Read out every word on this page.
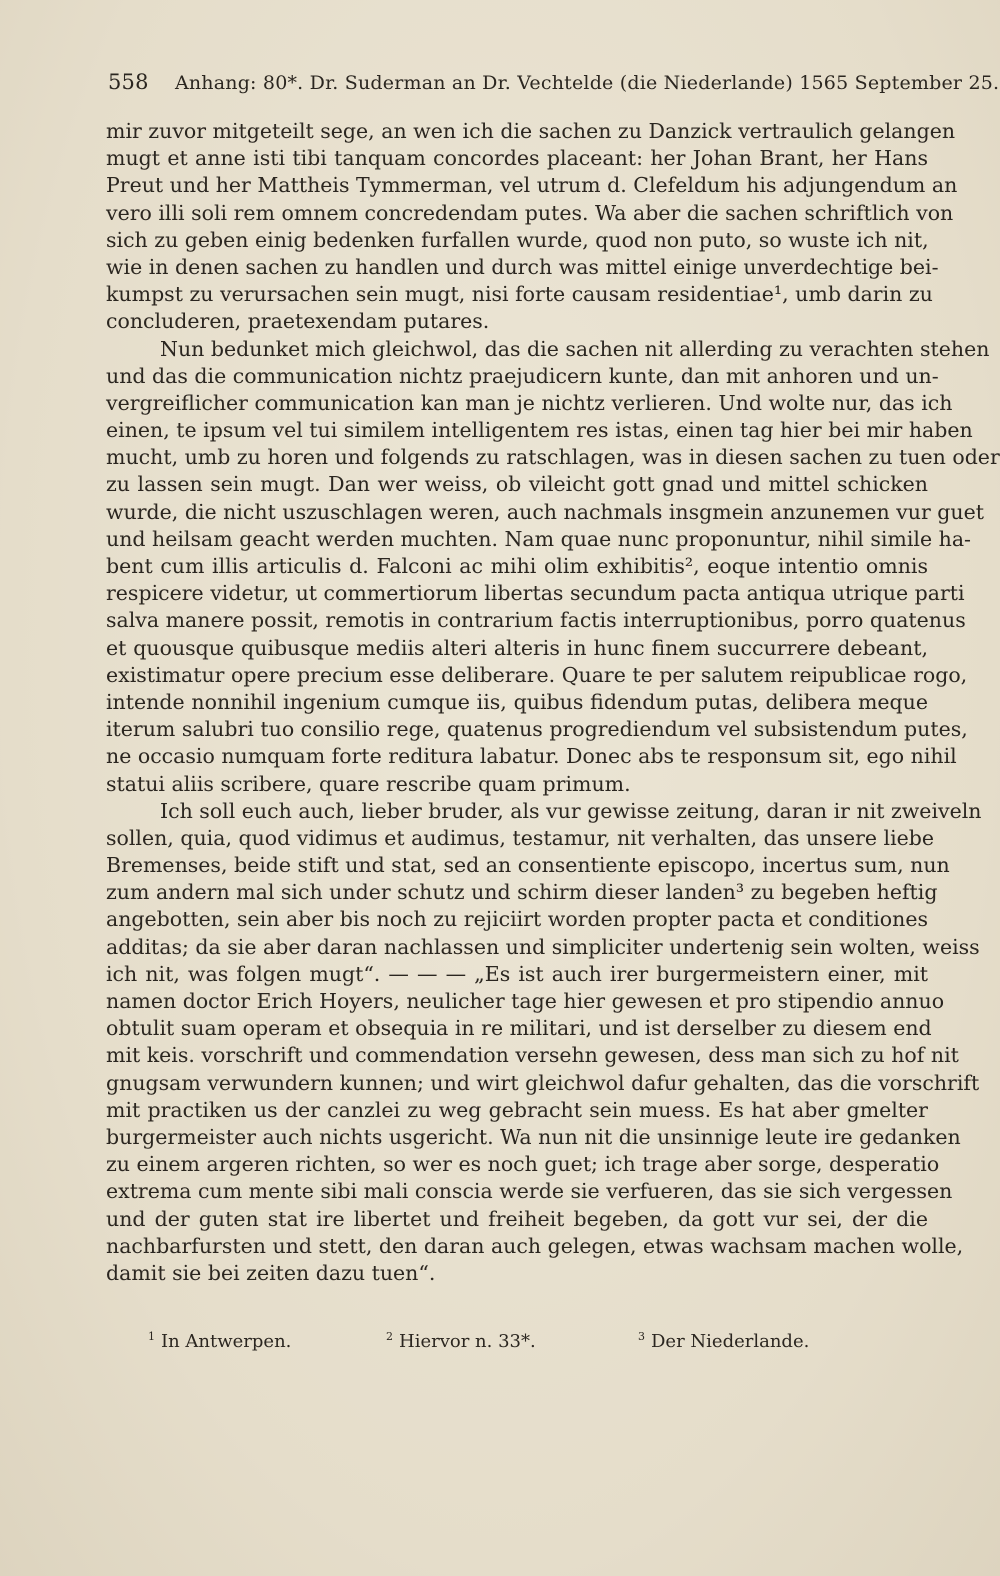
558 Anhang: 80*. Dr. Suderman an Dr. Vechtelde (die Niederlande) 1565 September 25.
mir zuvor mitgeteilt sege, an wen ich die sachen zu Danzick vertraulich gelangen
mugt et anne isti tibi tanquam concordes placeant: her Johan Brant, her Hans
Preut und her Mattheis Tymmerman, vel utrum d. Clefeldum his adjungendum an
vero illi soli rem omnem concredendam putes. Wa aber die sachen schriftlich von
sich zu geben einig bedenken furfallen wurde, quod non puto, so wuste ich nit,
wie in denen sachen zu handlen und durch was mittel einige unverdechtige bei-
kumpst zu verursachen sein mugt, nisi forte causam residentiae¹, umb darin zu
concluderen, praetexendam putares.
Nun bedunket mich gleichwol, das die sachen nit allerding zu verachten stehen
und das die communication nichtz praejudicern kunte, dan mit anhoren und un-
vergreiflicher communication kan man je nichtz verlieren. Und wolte nur, das ich
einen, te ipsum vel tui similem intelligentem res istas, einen tag hier bei mir haben
mucht, umb zu horen und folgends zu ratschlagen, was in diesen sachen zu tuen oder
zu lassen sein mugt. Dan wer weiss, ob vileicht gott gnad und mittel schicken
wurde, die nicht uszuschlagen weren, auch nachmals insgmein anzunemen vur guet
und heilsam geacht werden muchten. Nam quae nunc proponuntur, nihil simile ha-
bent cum illis articulis d. Falconi ac mihi olim exhibitis², eoque intentio omnis
respicere videtur, ut commertiorum libertas secundum pacta antiqua utrique parti
salva manere possit, remotis in contrarium factis interruptionibus, porro quatenus
et quousque quibusque mediis alteri alteris in hunc finem succurrere debeant,
existimatur opere precium esse deliberare. Quare te per salutem reipublicae rogo,
intende nonnihil ingenium cumque iis, quibus fidendum putas, delibera meque
iterum salubri tuo consilio rege, quatenus progrediendum vel subsistendum putes,
ne occasio numquam forte reditura labatur. Donec abs te responsum sit, ego nihil
statui aliis scribere, quare rescribe quam primum.
Ich soll euch auch, lieber bruder, als vur gewisse zeitung, daran ir nit zweiveln
sollen, quia, quod vidimus et audimus, testamur, nit verhalten, das unsere liebe
Bremenses, beide stift und stat, sed an consentiente episcopo, incertus sum, nun
zum andern mal sich under schutz und schirm dieser landen³ zu begeben heftig
angebotten, sein aber bis noch zu rejiciirt worden propter pacta et conditiones
additas; da sie aber daran nachlassen und simpliciter undertenig sein wolten, weiss
ich nit, was folgen mugt“. — — — „Es ist auch irer burgermeistern einer, mit
namen doctor Erich Hoyers, neulicher tage hier gewesen et pro stipendio annuo
obtulit suam operam et obsequia in re militari, und ist derselber zu diesem end
mit keis. vorschrift und commendation versehn gewesen, dess man sich zu hof nit
gnugsam verwundern kunnen; und wirt gleichwol dafur gehalten, das die vorschrift
mit practiken us der canzlei zu weg gebracht sein muess. Es hat aber gmelter
burgermeister auch nichts usgericht. Wa nun nit die unsinnige leute ire gedanken
zu einem argeren richten, so wer es noch guet; ich trage aber sorge, desperatio
extrema cum mente sibi mali conscia werde sie verfueren, das sie sich vergessen
und der guten stat ire libertet und freiheit begeben, da gott vur sei, der die
nachbarfursten und stett, den daran auch gelegen, etwas wachsam machen wolle,
damit sie bei zeiten dazu tuen“.
$^1$ In Antwerpen.	$^2$ Hiervor n. 33*.	$^3$ Der Niederlande.
